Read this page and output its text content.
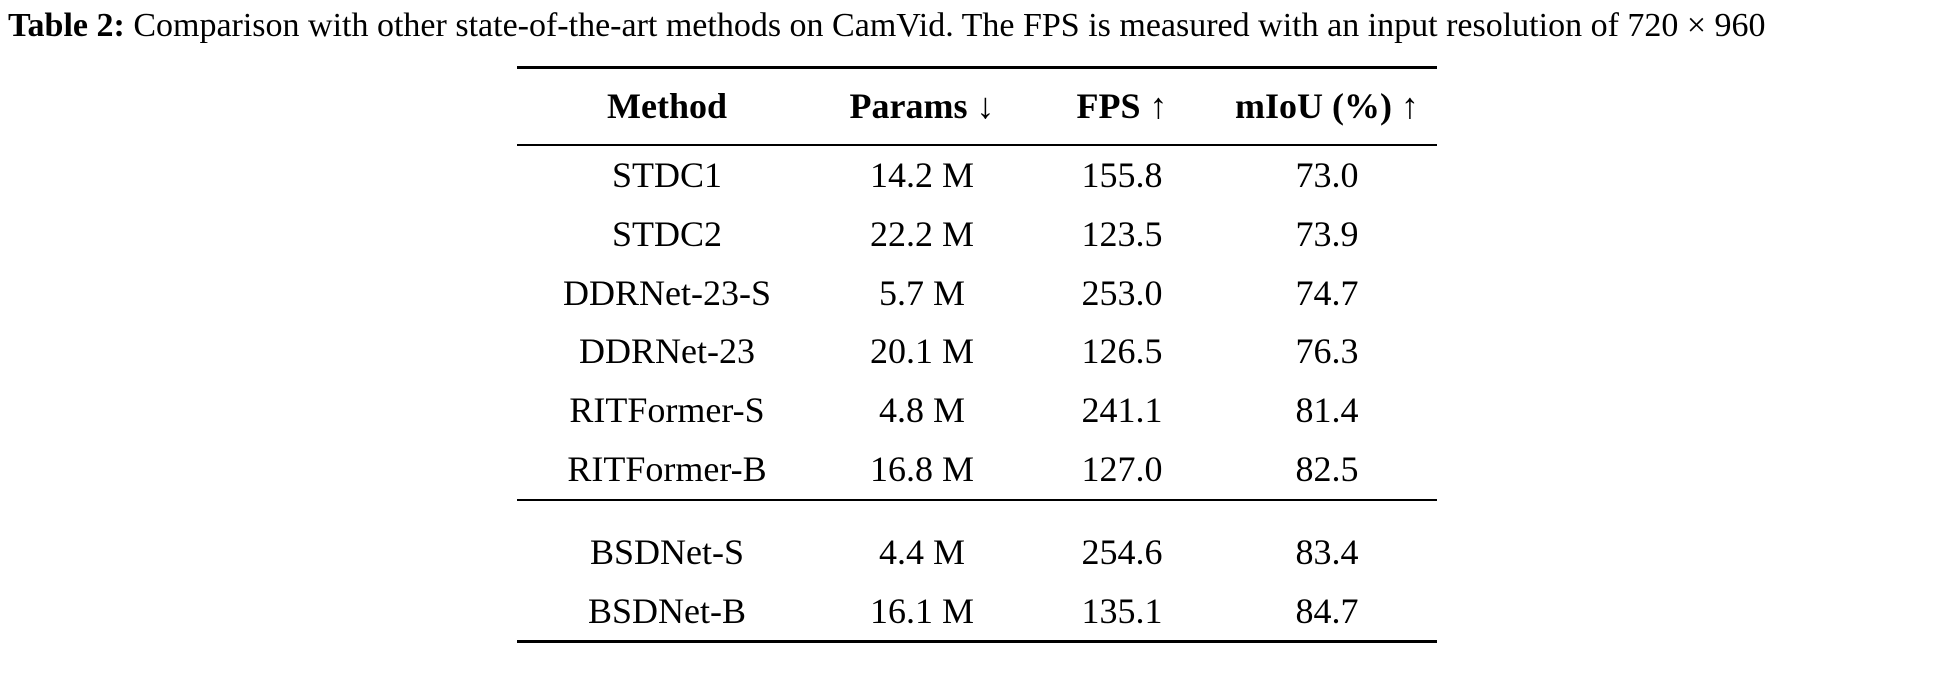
Table 2: Comparison with other state-of-the-art methods on CamVid. The FPS is measured with an input resolution of 720 × 960
Method	Params ↓	FPS ↑	mIoU (%) ↑
STDC1	14.2 M	155.8	73.0
STDC2	22.2 M	123.5	73.9
DDRNet-23-S	5.7 M	253.0	74.7
DDRNet-23	20.1 M	126.5	76.3
RITFormer-S	4.8 M	241.1	81.4
RITFormer-B	16.8 M	127.0	82.5

BSDNet-S	4.4 M	254.6	83.4
BSDNet-B	16.1 M	135.1	84.7
